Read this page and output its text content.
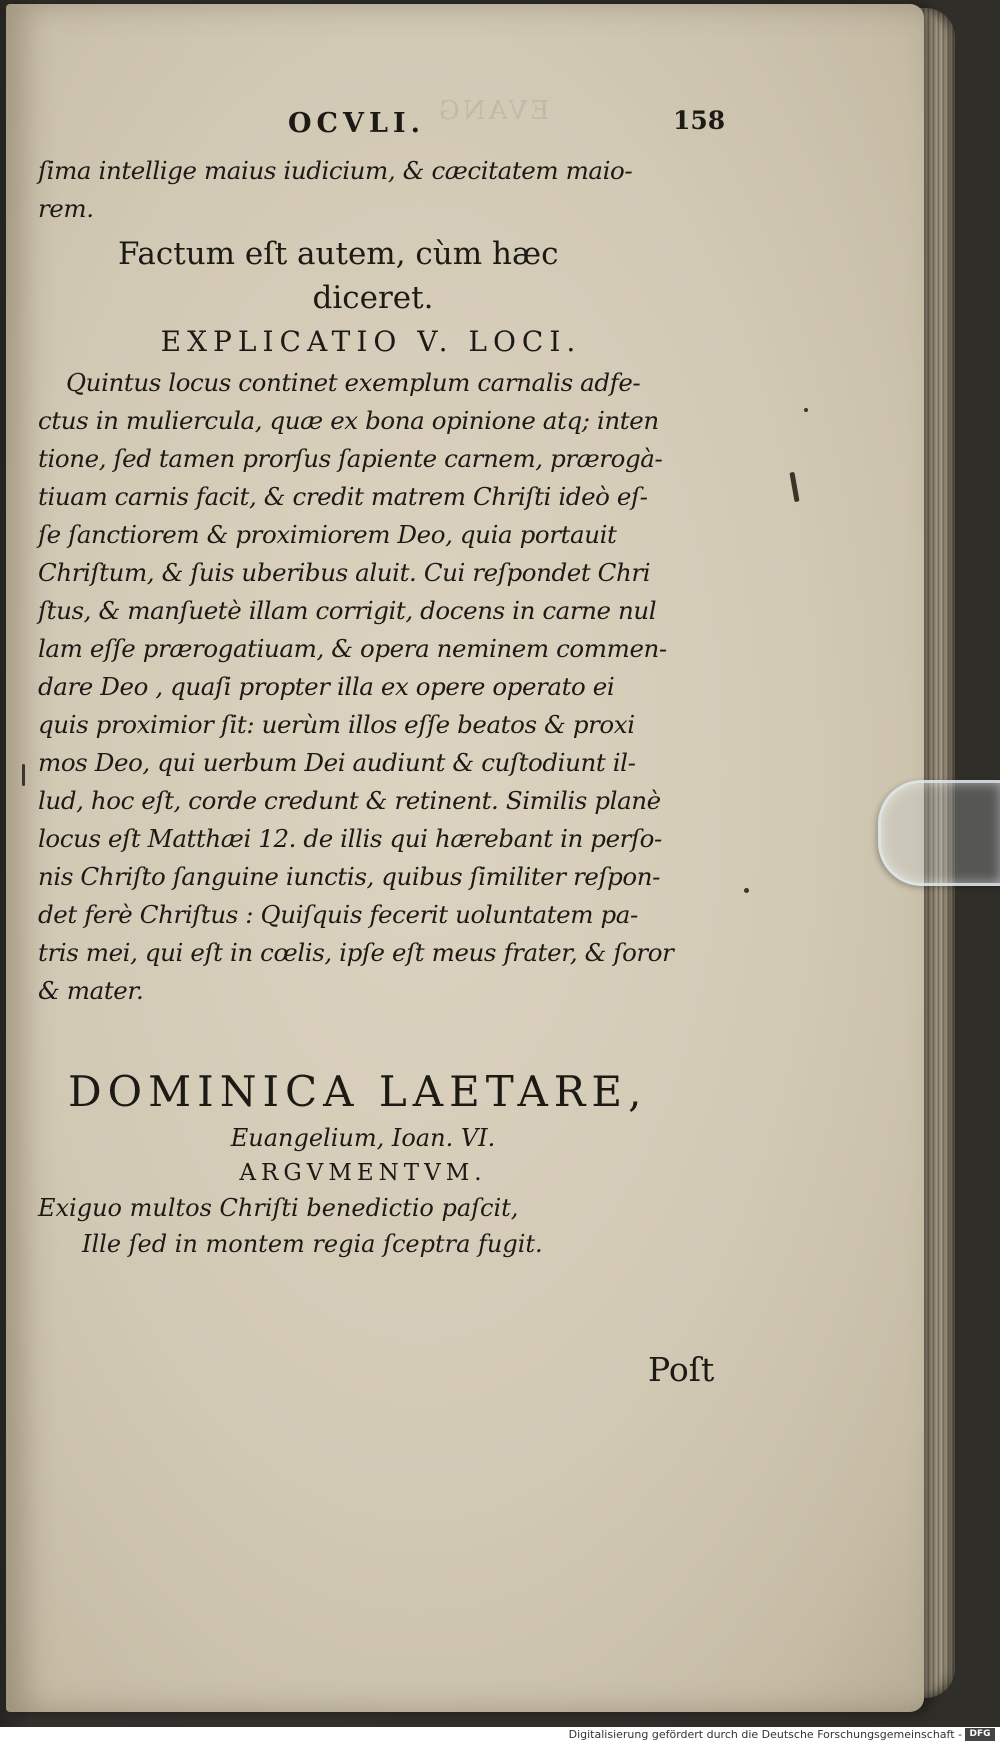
EVANG
OCVLI.	158
ſima intellige maius iudicium, & cæcitatem maio-
rem.
Factum eſt autem, cùm hæc
diceret.
EXPLICATIO V. LOCI.
Quintus locus continet exemplum carnalis adfe-
ctus in muliercula, quæ ex bona opinione atq; inten
tione, ſed tamen prorſus ſapiente carnem, prærogà-
tiuam carnis facit, & credit matrem Chriſti ideò eſ-
ſe ſanctiorem & proximiorem Deo, quia portauit
Chriſtum, & ſuis uberibus aluit. Cui reſpondet Chri
ſtus, & manſuetè illam corrigit, docens in carne nul
lam eſſe prærogatiuam, & opera neminem commen-
dare Deo , quaſi propter illa ex opere operato ei
quis proximior ſit: uerùm illos eſſe beatos & proxi
mos Deo, qui uerbum Dei audiunt & cuſtodiunt il-
lud, hoc eſt, corde credunt & retinent. Similis planè
locus eſt Matthæi 12. de illis qui hærebant in perſo-
nis Chriſto ſanguine iunctis, quibus ſimiliter reſpon-
det ferè Chriſtus : Quiſquis fecerit uoluntatem pa-
tris mei, qui eſt in cœlis, ipſe eſt meus frater, & ſoror
& mater.
DOMINICA LAETARE,
Euangelium, Ioan. VI.
ARGVMENTVM.
Exiguo multos Chriſti benedictio paſcit,
Ille ſed in montem regia ſceptra fugit.
Poſt
Digitalisierung gefördert durch die Deutsche Forschungsgemeinschaft - DFG
